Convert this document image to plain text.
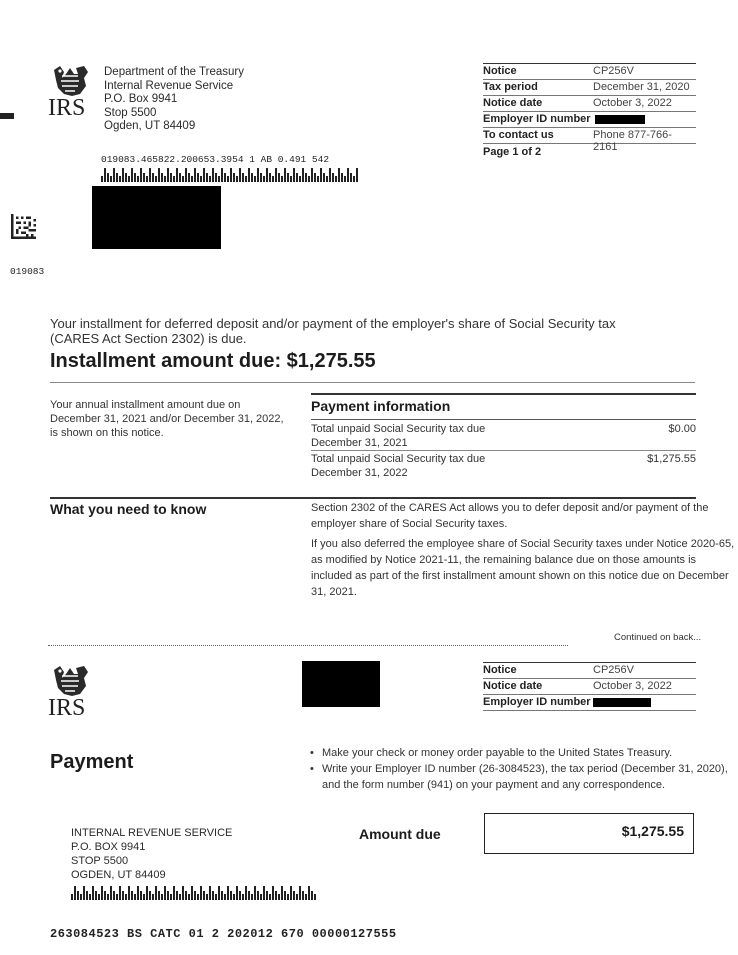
IRS
Department of the Treasury
Internal Revenue Service
P.O. Box 9941
Stop 5500
Ogden, UT 84409
019083.465822.200653.3954 1 AB 0.491 542
019083
Notice	CP256V
Tax period	December 31, 2020
Notice date	October 3, 2022
Employer ID number
To contact us	Phone 877-766-2161
Page 1 of 2
Your installment for deferred deposit and/or payment of the employer's share of Social Security tax
(CARES Act Section 2302) is due.
Installment amount due: $1,275.55
Your annual installment amount due on
December 31, 2021 and/or December 31, 2022,
is shown on this notice.
Payment information
Total unpaid Social Security tax due
December 31, 2021
$0.00
Total unpaid Social Security tax due
December 31, 2022
$1,275.55
What you need to know	Section 2302 of the CARES Act allows you to defer deposit and/or payment of the
employer share of Social Security taxes.
If you also deferred the employee share of Social Security taxes under Notice 2020-65,
as modified by Notice 2021-11, the remaining balance due on those amounts is
included as part of the first installment amount shown on this notice due on December
31, 2021.
Continued on back...
IRS
Notice	CP256V
Notice date	October 3, 2022
Employer ID number
Payment
•	Make your check or money order payable to the United States Treasury.
• Write your Employer ID number (26-3084523), the tax period (December 31, 2020),
and the form number (941) on your payment and any correspondence.
INTERNAL REVENUE SERVICE
P.O. BOX 9941
STOP 5500
OGDEN, UT 84409
Amount due	$1,275.55
263084523 BS CATC 01 2 202012 670 00000127555
